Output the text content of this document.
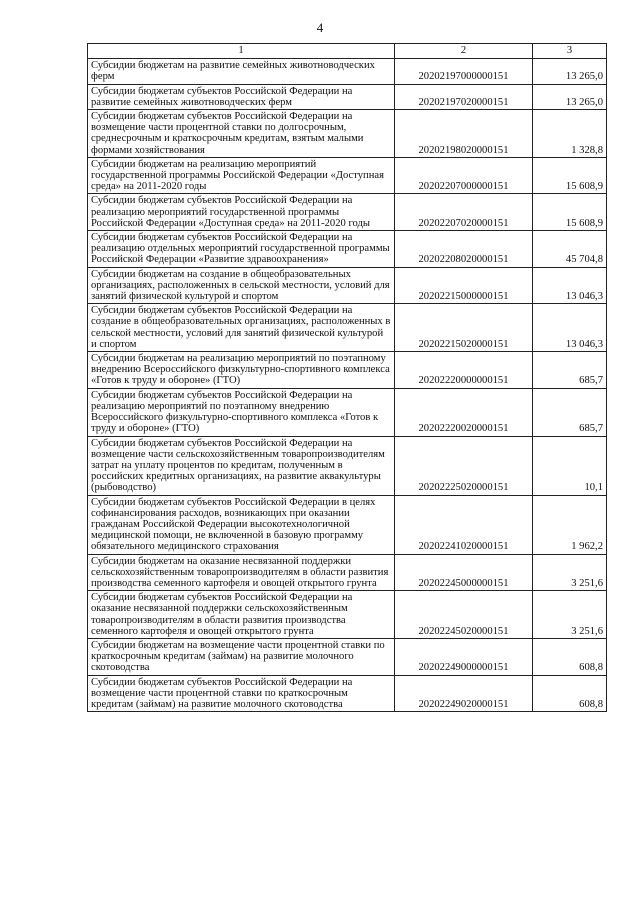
4
1	2	3
Субсидии бюджетам на развитие семейных животноводческих ферм	20202197000000151	13 265,0
Субсидии бюджетам субъектов Российской Федерации на развитие семейных животноводческих ферм	20202197020000151	13 265,0
Субсидии бюджетам субъектов Российской Федерации на возмещение части процентной ставки по долгосрочным, среднесрочным и краткосрочным кредитам, взятым малыми формами хозяйствования	20202198020000151	1 328,8
Субсидии бюджетам на реализацию мероприятий государственной программы Российской Федерации «Доступная среда» на 2011-2020 годы	20202207000000151	15 608,9
Субсидии бюджетам субъектов Российской Федерации на реализацию мероприятий государственной программы Российской Федерации «Доступная среда» на 2011-2020 годы	20202207020000151	15 608,9
Субсидии бюджетам субъектов Российской Федерации на реализацию отдельных мероприятий государственной программы Российской Федерации «Развитие здравоохранения»	20202208020000151	45 704,8
Субсидии бюджетам на создание в общеобразовательных организациях, расположенных в сельской местности, условий для занятий физической культурой и спортом	20202215000000151	13 046,3
Субсидии бюджетам субъектов Российской Федерации на создание в общеобразовательных организациях, расположенных в сельской местности, условий для занятий физической культурой и спортом	20202215020000151	13 046,3
Субсидии бюджетам на реализацию мероприятий по поэтапному внедрению Всероссийского физкультурно-спортивного комплекса «Готов к труду и обороне» (ГТО)	20202220000000151	685,7
Субсидии бюджетам субъектов Российской Федерации на реализацию мероприятий по поэтапному внедрению Всероссийского физкультурно-спортивного комплекса «Готов к труду и обороне» (ГТО)	20202220020000151	685,7
Субсидии бюджетам субъектов Российской Федерации на возмещение части сельскохозяйственным товаропроизводителям затрат на уплату процентов по кредитам, полученным в российских кредитных организациях, на развитие аквакультуры (рыбоводство)	20202225020000151	10,1
Субсидии бюджетам субъектов Российской Федерации в целях софинансирования расходов, возникающих при оказании гражданам Российской Федерации высокотехнологичной медицинской помощи, не включенной в базовую программу обязательного медицинского страхования	20202241020000151	1 962,2
Субсидии бюджетам на оказание несвязанной поддержки сельскохозяйственным товаропроизводителям в области развития производства семенного картофеля и овощей открытого грунта	20202245000000151	3 251,6
Субсидии бюджетам субъектов Российской Федерации на оказание несвязанной поддержки сельскохозяйственным товаропроизводителям в области развития производства семенного картофеля и овощей открытого грунта	20202245020000151	3 251,6
Субсидии бюджетам на возмещение части процентной ставки по краткосрочным кредитам (займам) на развитие молочного скотоводства	20202249000000151	608,8
Субсидии бюджетам субъектов Российской Федерации на возмещение части процентной ставки по краткосрочным кредитам (займам) на развитие молочного скотоводства	20202249020000151	608,8
